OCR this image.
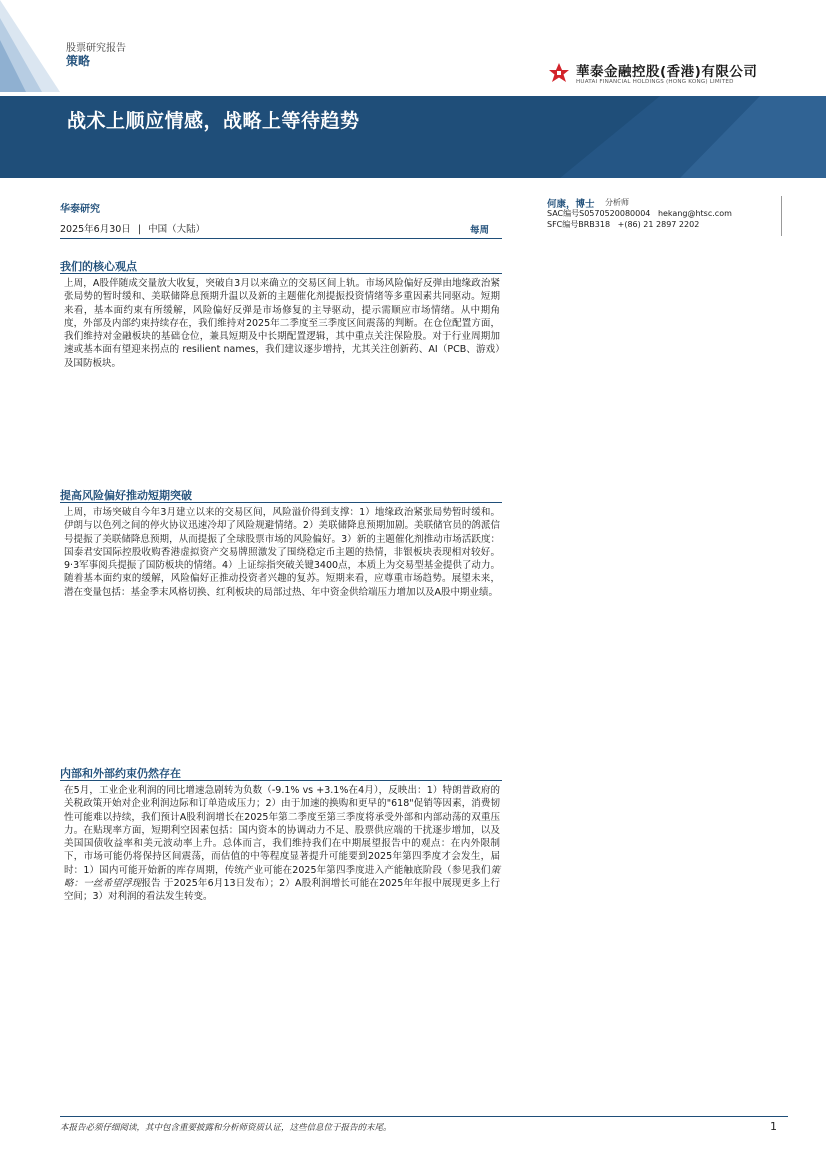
股票研究报告
策略
華泰金融控股(香港)有限公司
HUATAI FINANCIAL HOLDINGS (HONG KONG) LIMITED
战术上顺应情感，战略上等待趋势
华泰研究
2025年6月30日 | 中国（大陆）	每周
何康，博士 分析师
SAC编号S0570520080004 hekang@htsc.com
SFC编号BRB318 +(86) 21 2897 2202
我们的核心观点

上周，A股伴随成交量放大收复，突破自3月以来确立的交易区间上轨。市场风险偏好反弹由地缘政治紧张局势的暂时缓和、美联储降息预期升温以及新的主题催化剂提振投资情绪等多重因素共同驱动。短期来看，基本面约束有所缓解，风险偏好反弹是市场修复的主导驱动，提示需顺应市场情绪。从中期角度，外部及内部约束持续存在，我们维持对2025年二季度至三季度区间震荡的判断。在仓位配置方面，我们维持对金融板块的基础仓位，兼具短期及中长期配置逻辑，其中重点关注保险股。对于行业周期加速或基本面有望迎来拐点的 resilient names，我们建议逐步增持，尤其关注创新药、AI（PCB、游戏）及国防板块。

提高风险偏好推动短期突破

上周，市场突破自今年3月建立以来的交易区间，风险溢价得到支撑：1）地缘政治紧张局势暂时缓和。伊朗与以色列之间的停火协议迅速冷却了风险规避情绪。2）美联储降息预期加剧。美联储官员的鸽派信号提振了美联储降息预期，从而提振了全球股票市场的风险偏好。3）新的主题催化剂推动市场活跃度：国泰君安国际控股收购香港虚拟资产交易牌照激发了围绕稳定币主题的热情，非银板块表现相对较好。9·3军事阅兵提振了国防板块的情绪。4）上证综指突破关键3400点，本质上为交易型基金提供了动力。随着基本面约束的缓解，风险偏好正推动投资者兴趣的复苏。短期来看，应尊重市场趋势。展望未来，潜在变量包括：基金季末风格切换、红利板块的局部过热、年中资金供给端压力增加以及A股中期业绩。

内部和外部约束仍然存在

在5月，工业企业利润的同比增速急剧转为负数（-9.1% vs +3.1%在4月），反映出：1）特朗普政府的关税政策开始对企业利润边际和订单造成压力；2）由于加速的换购和更早的"618"促销等因素，消费韧性可能难以持续，我们预计A股利润增长在2025年第二季度至第三季度将承受外部和内部动荡的双重压力。在贴现率方面，短期利空因素包括：国内资本的协调动力不足、股票供应端的干扰逐步增加，以及美国国债收益率和美元波动率上升。总体而言，我们维持我们在中期展望报告中的观点：在内外限制下，市场可能仍将保持区间震荡，而估值的中等程度显著提升可能要到2025年第四季度才会发生，届时：1）国内可能开始新的库存周期，传统产业可能在2025年第四季度进入产能触底阶段（参见我们策略：一丝希望浮现报告 于2025年6月13日发布）；2）A股利润增长可能在2025年年报中展现更多上行空间；3）对利润的看法发生转变。

本报告必须仔细阅读，其中包含重要披露和分析师资质认证，这些信息位于报告的末尾。	1
